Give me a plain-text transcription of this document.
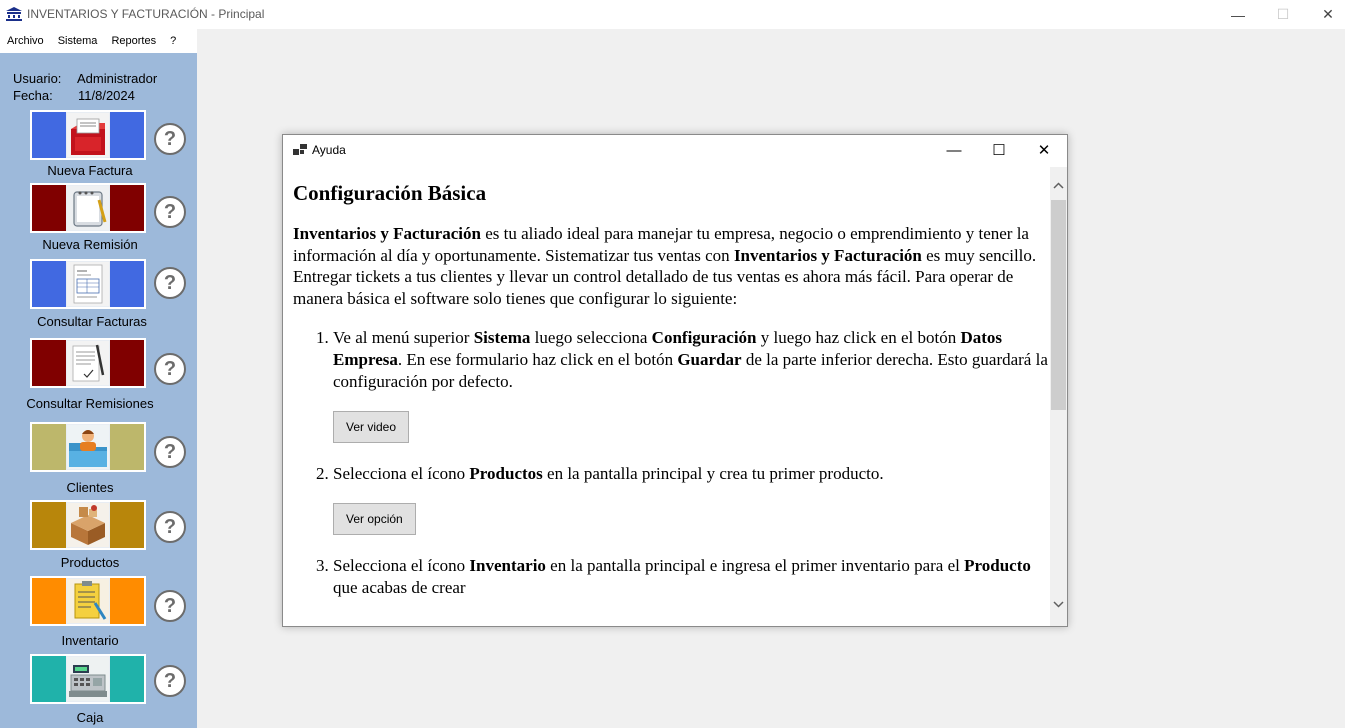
INVENTARIOS Y FACTURACIÓN - Principal	—	☐	✕
Archivo	Sistema	Reportes	?
Usuario: Administrador
Fecha: 11/8/2024
?
Nueva Factura
?
Nueva Remisión
?
Consultar Facturas
?
Consultar Remisiones
?
Clientes
?
Productos
?
Inventario
?
Caja
Ayuda	—	☐	✕
Configuración Básica

Inventarios y Facturación es tu aliado ideal para manejar tu empresa, negocio o emprendimiento y tener la información al día y oportunamente. Sistematizar tus ventas con Inventarios y Facturación es muy sencillo. Entregar tickets a tus clientes y llevar un control detallado de tus ventas es ahora más fácil. Para operar de manera básica el software solo tienes que configurar lo siguiente:

1. Ve al menú superior Sistema luego selecciona Configuración y luego haz click en el botón Datos Empresa. En ese formulario haz click en el botón Guardar de la parte inferior derecha. Esto guardará la configuración por defecto.
Ver video
2. Selecciona el ícono Productos en la pantalla principal y crea tu primer producto.
Ver opción
3. Selecciona el ícono Inventario en la pantalla principal e ingresa el primer inventario para el Producto que acabas de crear
